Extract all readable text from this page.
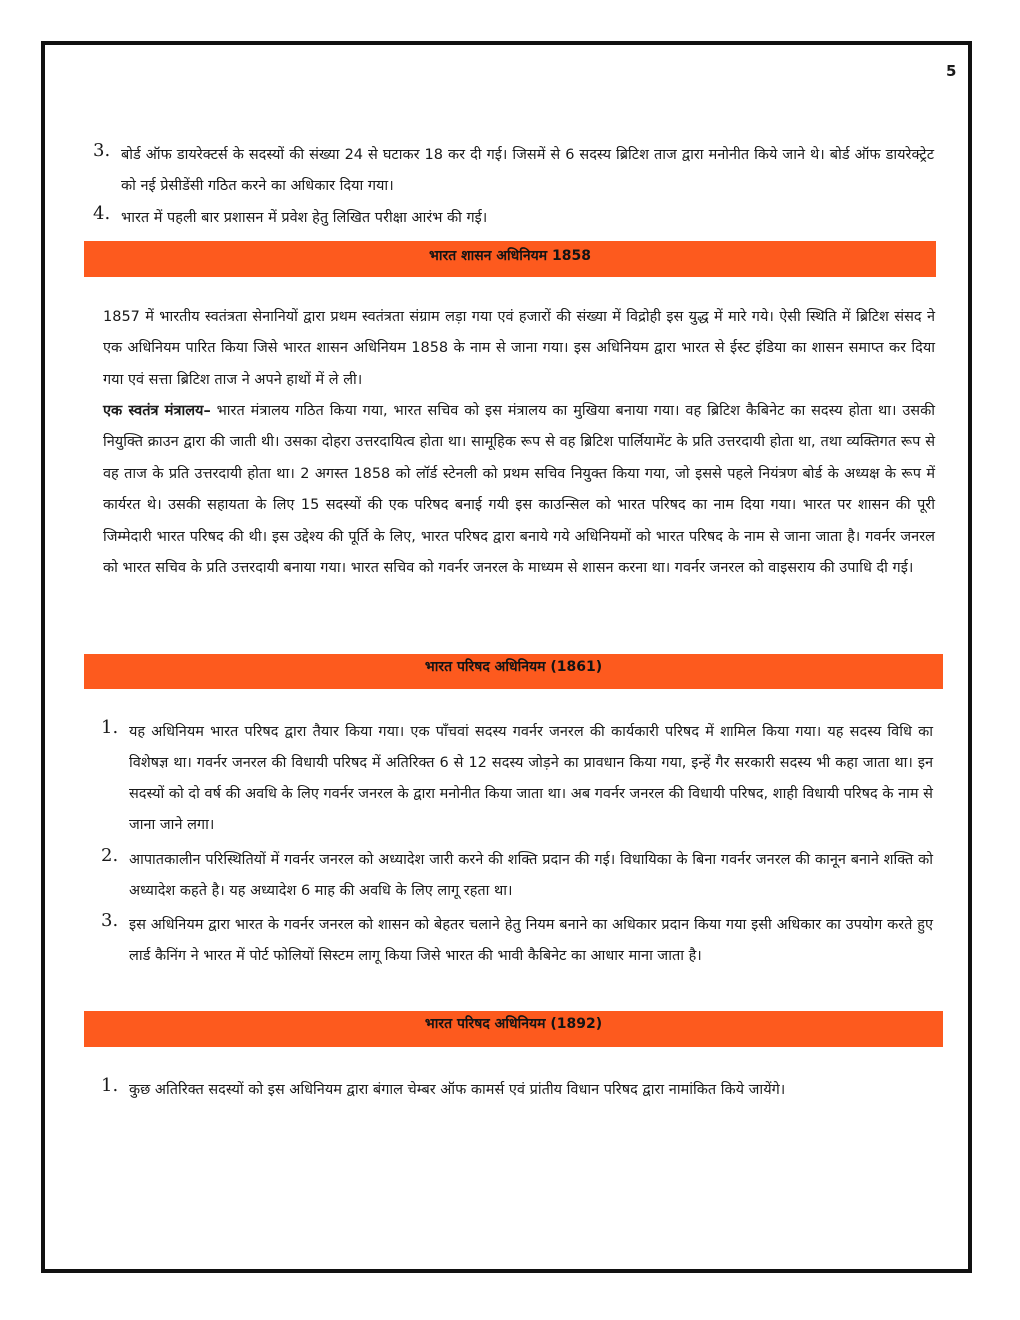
5
3. बोर्ड ऑफ डायरेक्टर्स के सदस्यों की संख्या 24 से घटाकर 18 कर दी गई। जिसमें से 6 सदस्य ब्रिटिश ताज द्वारा मनोनीत किये जाने थे। बोर्ड ऑफ डायरेक्ट्रेट को नई प्रेसीडेंसी गठित करने का अधिकार दिया गया।
4. भारत में पहली बार प्रशासन में प्रवेश हेतु लिखित परीक्षा आरंभ की गई।
भारत शासन अधिनियम 1858
1857 में भारतीय स्वतंत्रता सेनानियों द्वारा प्रथम स्वतंत्रता संग्राम लड़ा गया एवं हजारों की संख्या में विद्रोही इस युद्ध में मारे गये। ऐसी स्थिति में ब्रिटिश संसद ने एक अधिनियम पारित किया जिसे भारत शासन अधिनियम 1858 के नाम से जाना गया। इस अधिनियम द्वारा भारत से ईस्ट इंडिया का शासन समाप्त कर दिया गया एवं सत्ता ब्रिटिश ताज ने अपने हाथों में ले ली।
एक स्वतंत्र मंत्रालय– भारत मंत्रालय गठित किया गया, भारत सचिव को इस मंत्रालय का मुखिया बनाया गया। वह ब्रिटिश कैबिनेट का सदस्य होता था। उसकी नियुक्ति क्राउन द्वारा की जाती थी। उसका दोहरा उत्तरदायित्व होता था। सामूहिक रूप से वह ब्रिटिश पार्लियामेंट के प्रति उत्तरदायी होता था, तथा व्यक्तिगत रूप से वह ताज के प्रति उत्तरदायी होता था। 2 अगस्त 1858 को लॉर्ड स्टेनली को प्रथम सचिव नियुक्त किया गया, जो इससे पहले नियंत्रण बोर्ड के अध्यक्ष के रूप में कार्यरत थे। उसकी सहायता के लिए 15 सदस्यों की एक परिषद बनाई गयी इस काउन्सिल को भारत परिषद का नाम दिया गया। भारत पर शासन की पूरी जिम्मेदारी भारत परिषद की थी। इस उद्देश्य की पूर्ति के लिए, भारत परिषद द्वारा बनाये गये अधिनियमों को भारत परिषद के नाम से जाना जाता है। गवर्नर जनरल को भारत सचिव के प्रति उत्तरदायी बनाया गया। भारत सचिव को गवर्नर जनरल के माध्यम से शासन करना था। गवर्नर जनरल को वाइसराय की उपाधि दी गई।
भारत परिषद अधिनियम (1861)
1. यह अधिनियम भारत परिषद द्वारा तैयार किया गया। एक पाँचवां सदस्य गवर्नर जनरल की कार्यकारी परिषद में शामिल किया गया। यह सदस्य विधि का विशेषज्ञ था। गवर्नर जनरल की विधायी परिषद में अतिरिक्त 6 से 12 सदस्य जोड़ने का प्रावधान किया गया, इन्हें गैर सरकारी सदस्य भी कहा जाता था। इन सदस्यों को दो वर्ष की अवधि के लिए गवर्नर जनरल के द्वारा मनोनीत किया जाता था। अब गवर्नर जनरल की विधायी परिषद, शाही विधायी परिषद के नाम से जाना जाने लगा।
2. आपातकालीन परिस्थितियों में गवर्नर जनरल को अध्यादेश जारी करने की शक्ति प्रदान की गई। विधायिका के बिना गवर्नर जनरल की कानून बनाने शक्ति को अध्यादेश कहते है। यह अध्यादेश 6 माह की अवधि के लिए लागू रहता था।
3. इस अधिनियम द्वारा भारत के गवर्नर जनरल को शासन को बेहतर चलाने हेतु नियम बनाने का अधिकार प्रदान किया गया इसी अधिकार का उपयोग करते हुए लार्ड कैनिंग ने भारत में पोर्ट फोलियों सिस्टम लागू किया जिसे भारत की भावी कैबिनेट का आधार माना जाता है।
भारत परिषद अधिनियम (1892)
1. कुछ अतिरिक्त सदस्यों को इस अधिनियम द्वारा बंगाल चेम्बर ऑफ कामर्स एवं प्रांतीय विधान परिषद द्वारा नामांकित किये जायेंगे।
